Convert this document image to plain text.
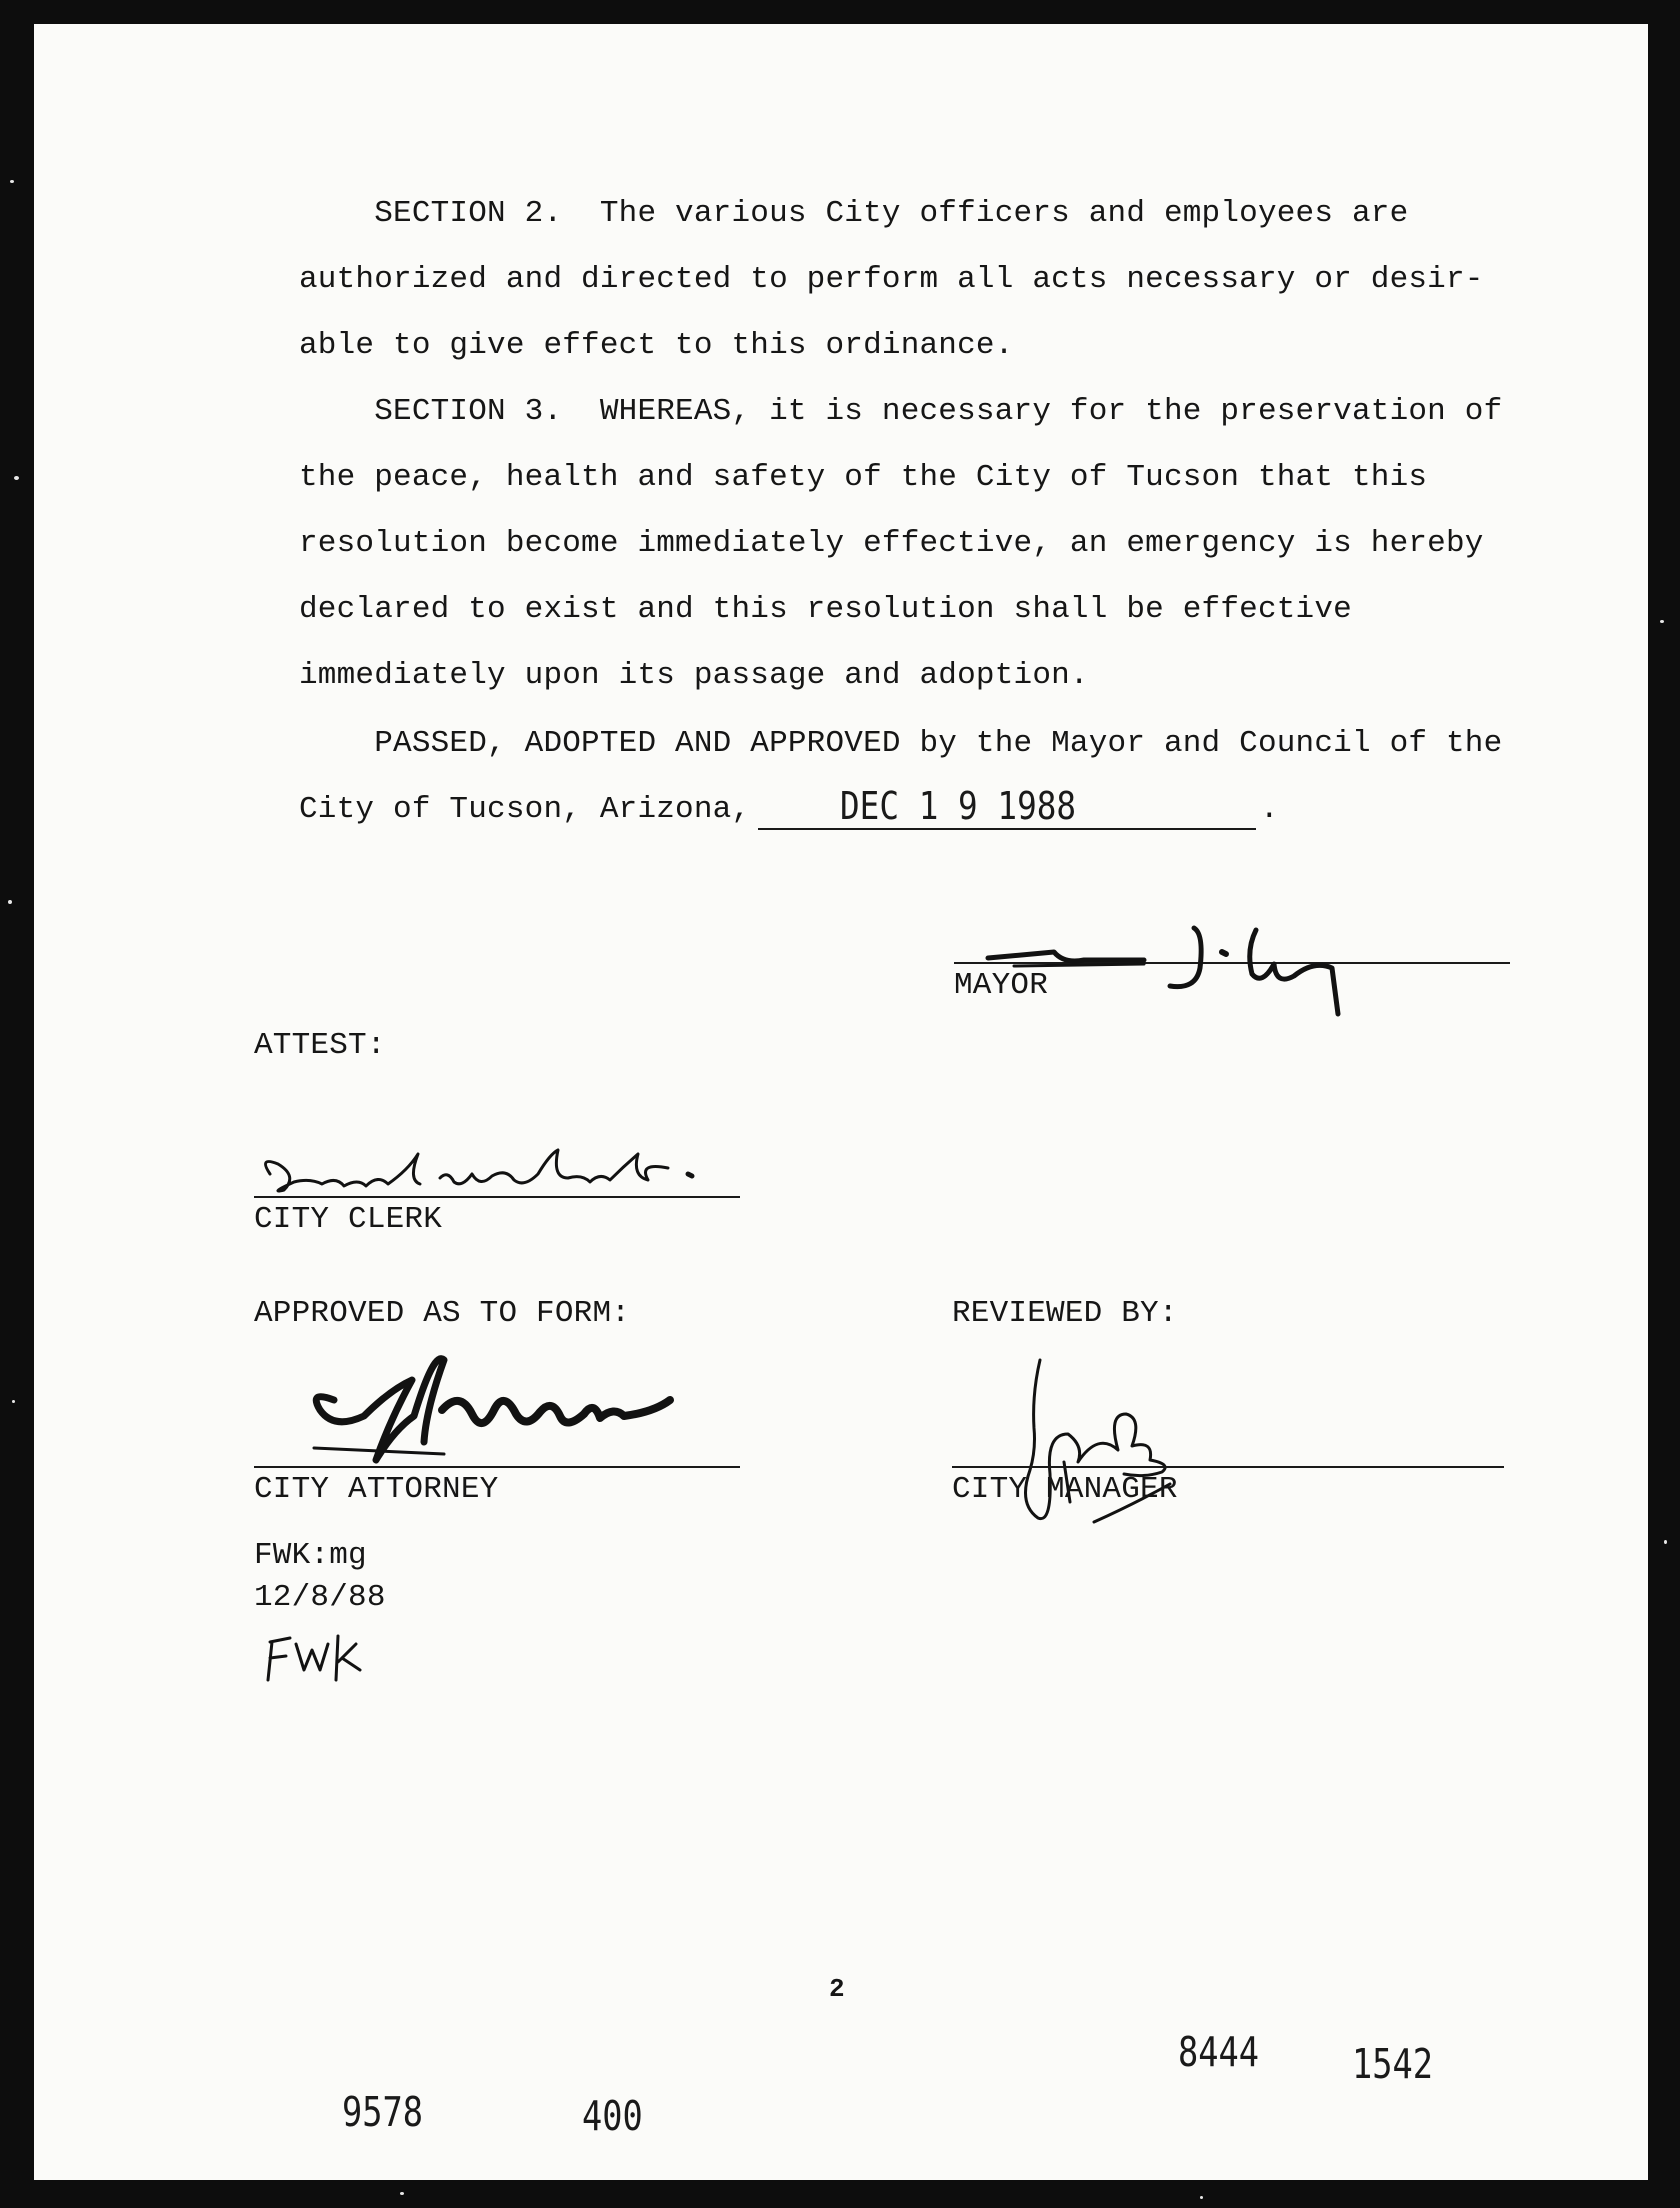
SECTION 2.  The various City officers and employees are
authorized and directed to perform all acts necessary or desir-
able to give effect to this ordinance.
SECTION 3.  WHEREAS, it is necessary for the preservation of
the peace, health and safety of the City of Tucson that this
resolution become immediately effective, an emergency is hereby
declared to exist and this resolution shall be effective
immediately upon its passage and adoption.
PASSED, ADOPTED AND APPROVED by the Mayor and Council of the
City of Tucson, Arizona, DEC 1 9 1988	.
MAYOR
ATTEST:
CITY CLERK
APPROVED AS TO FORM:
CITY ATTORNEY
REVIEWED BY:
CITY MANAGER
FWK:mg
12/8/88
2
8444 1542
9578	400
